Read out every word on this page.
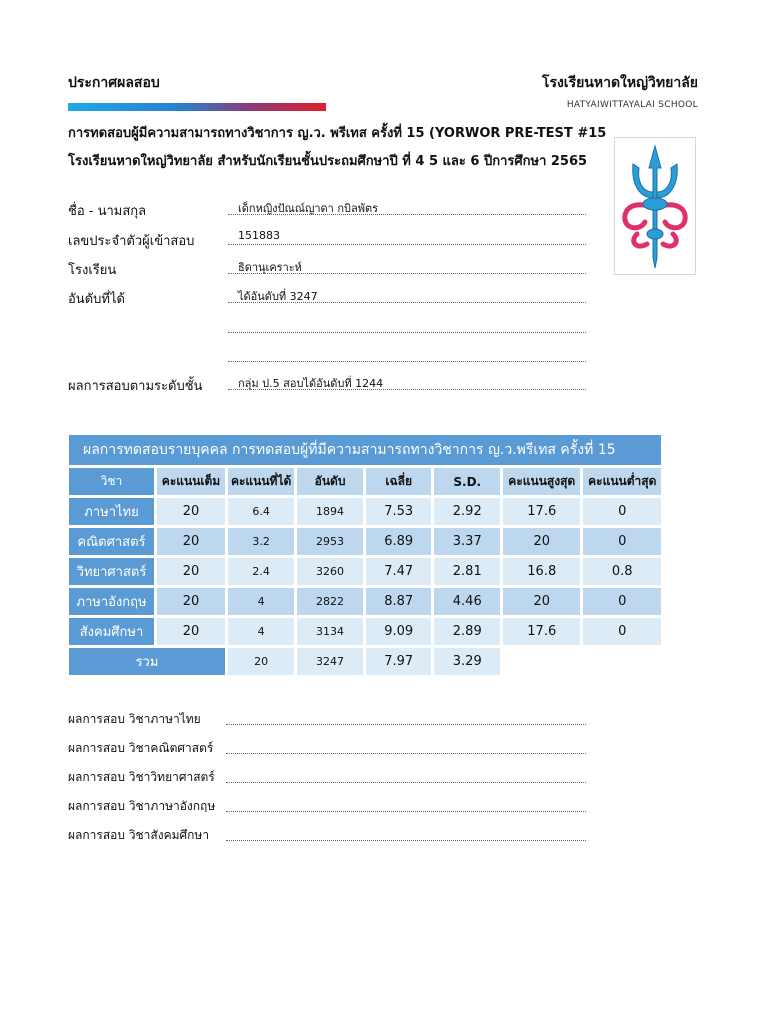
ประกาศผลสอบ	โรงเรียนหาดใหญ่วิทยาลัย
HATYAIWITTAYALAI SCHOOL
การทดสอบผู้มีความสามารถทางวิชาการ ญ.ว. พรีเทส ครั้งที่ 15 (YORWOR PRE-TEST #15
โรงเรียนหาดใหญ่วิทยาลัย สำหรับนักเรียนชั้นประถมศึกษาปี ที่ 4 5 และ 6 ปีการศึกษา 2565
ชื่อ - นามสกุล	เด็กหญิงปัณณ์ญาดา กบิลพัตร
เลขประจำตัวผู้เข้าสอบ	151883
โรงเรียน	ธิดานุเคราะห์
อันดับที่ได้	ได้อันดับที่ 3247
ผลการสอบตามระดับชั้น	กลุ่ม ป.5 สอบได้อันดับที่ 1244
ผลการทดสอบรายบุคคล การทดสอบผู้ที่มีความสามารถทางวิชาการ ญ.ว.พรีเทส ครั้งที่ 15							
วิชา	คะแนนเต็ม	คะแนนที่ได้	อันดับ	เฉลี่ย	S.D.	คะแนนสูงสุด	คะแนนต่ำสุด
ภาษาไทย	20	6.4	1894	7.53	2.92	17.6	0
คณิตศาสตร์	20	3.2	2953	6.89	3.37	20	0
วิทยาศาสตร์	20	2.4	3260	7.47	2.81	16.8	0.8
ภาษาอังกฤษ	20	4	2822	8.87	4.46	20	0
สังคมศึกษา	20	4	3134	9.09	2.89	17.6	0
รวม		20	3247	7.97	3.29		
ผลการสอบ วิชาภาษาไทย
ผลการสอบ วิชาคณิตศาสตร์
ผลการสอบ วิชาวิทยาศาสตร์
ผลการสอบ วิชาภาษาอังกฤษ
ผลการสอบ วิชาสังคมศึกษา
